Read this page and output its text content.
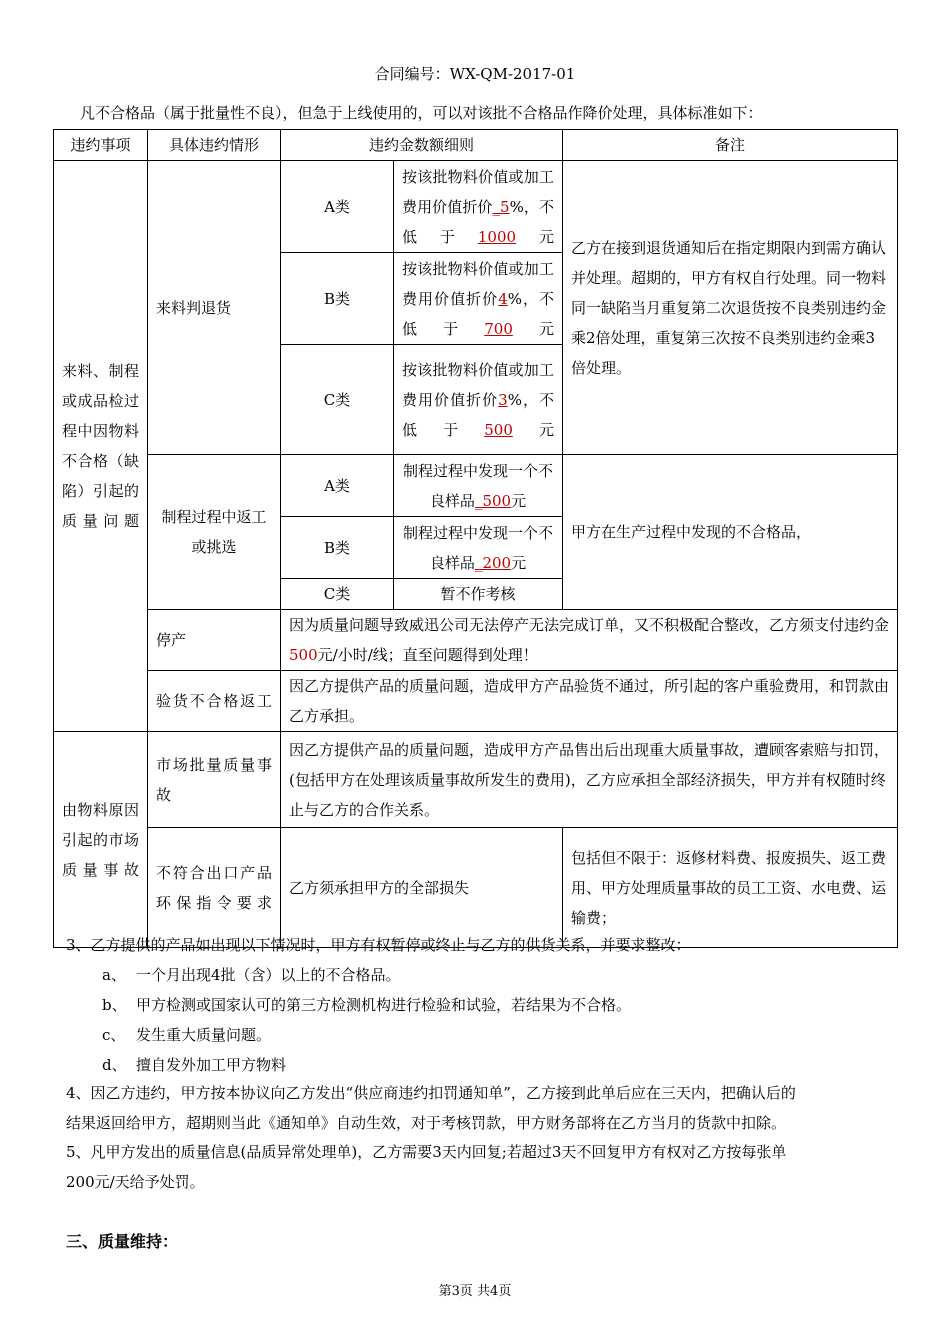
合同编号：WX-QM-2017-01
凡不合格品（属于批量性不良），但急于上线使用的，可以对该批不合格品作降价处理，具体标准如下：
违约事项	具体违约情形	违约金数额细则		备注
来料、制程或成品检过程中因物料不合格（缺陷）引起的质量问题	来料判退货	A类	按该批物料价值或加工费用价值折价_5%，不低于1000元	乙方在接到退货通知后在指定期限内到需方确认并处理。超期的，甲方有权自行处理。同一物料同一缺陷当月重复第二次退货按不良类别违约金乘2倍处理，重复第三次按不良类别违约金乘3倍处理。
		B类	按该批物料价值或加工费用价值折价4%，不低于700元	
		C类	按该批物料价值或加工费用价值折价3%，不低于500元	
	制程过程中返工或挑选	A类	制程过程中发现一个不良样品_500元	甲方在生产过程中发现的不合格品，
		B类	制程过程中发现一个不良样品_200元	
		C类	暂不作考核	
	停产	因为质量问题导致威迅公司无法停产无法完成订单，又不积极配合整改，乙方须支付违约金500元/小时/线；直至问题得到处理！		
	验货不合格返工	因乙方提供产品的质量问题，造成甲方产品验货不通过，所引起的客户重验费用，和罚款由乙方承担。		
由物料原因引起的市场质量事故	市场批量质量事故	因乙方提供产品的质量问题，造成甲方产品售出后出现重大质量事故，遭顾客索赔与扣罚，(包括甲方在处理该质量事故所发生的费用)，乙方应承担全部经济损失，甲方并有权随时终止与乙方的合作关系。		
	不符合出口产品环保指令要求	乙方须承担甲方的全部损失		包括但不限于：返修材料费、报废损失、返工费用、甲方处理质量事故的员工工资、水电费、运输费；
3、乙方提供的产品如出现以下情况时，甲方有权暂停或终止与乙方的供货关系，并要求整改：
a、 一个月出现4批（含）以上的不合格品。
b、 甲方检测或国家认可的第三方检测机构进行检验和试验，若结果为不合格。
c、 发生重大质量问题。
d、 擅自发外加工甲方物料
4、因乙方违约，甲方按本协议向乙方发出“供应商违约扣罚通知单”，乙方接到此单后应在三天内，把确认后的
结果返回给甲方，超期则当此《通知单》自动生效，对于考核罚款，甲方财务部将在乙方当月的货款中扣除。
5、凡甲方发出的质量信息(品质异常处理单)，乙方需要3天内回复;若超过3天不回复甲方有权对乙方按每张单
200元/天给予处罚。
三、质量维持：
第3页 共4页
